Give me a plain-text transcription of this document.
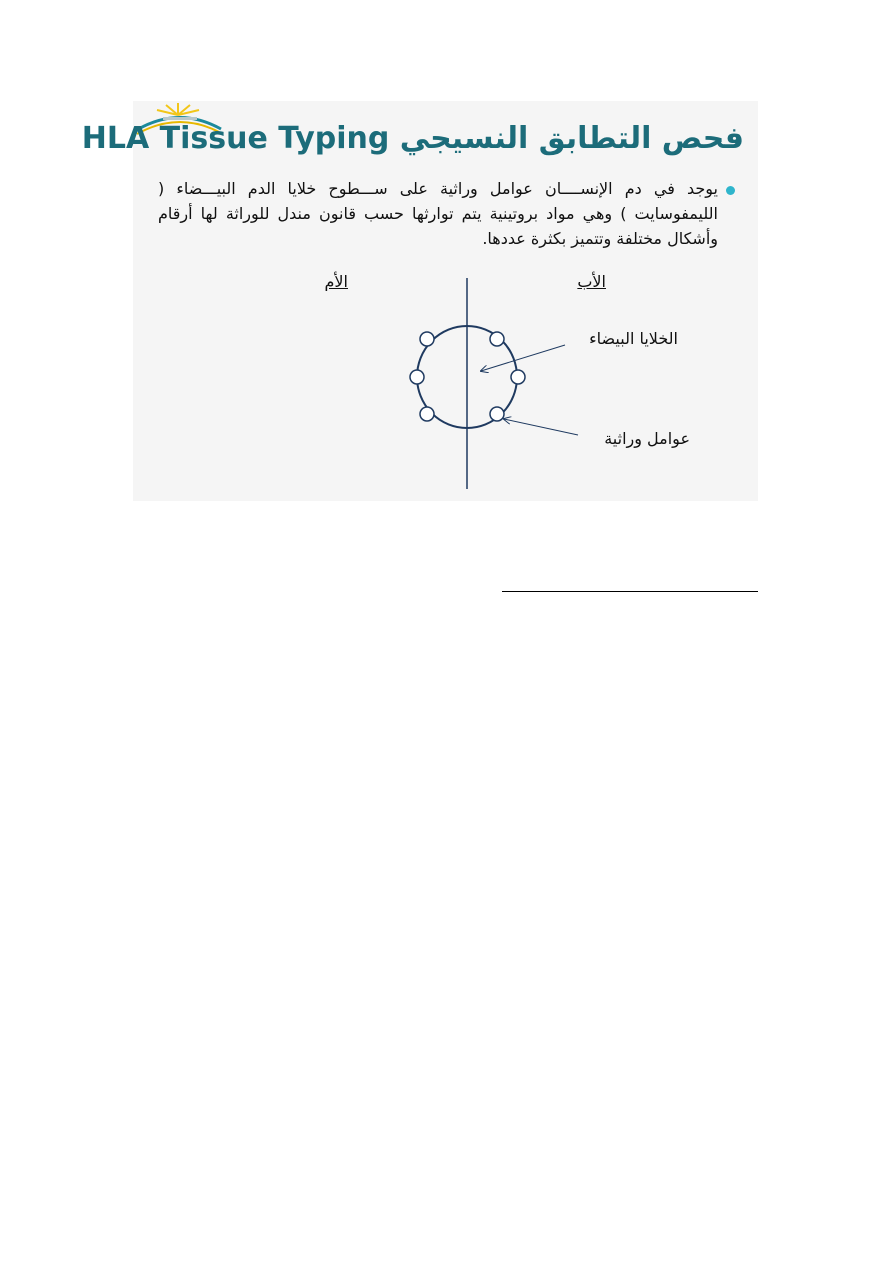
فحص التطابق النسيجي HLA Tissue Typing

يوجد في دم الإنســــان عوامل وراثية على ســـطوح خلايا الدم البيـــضاء ( الليمفوسايت ) وهي مواد بروتينية يتم توارثها حسب قانون مندل للوراثة لها أرقام وأشكال مختلفة وتتميز بكثرة عددها.

الأب
الأم
الخلايا البيضاء
عوامل وراثية
